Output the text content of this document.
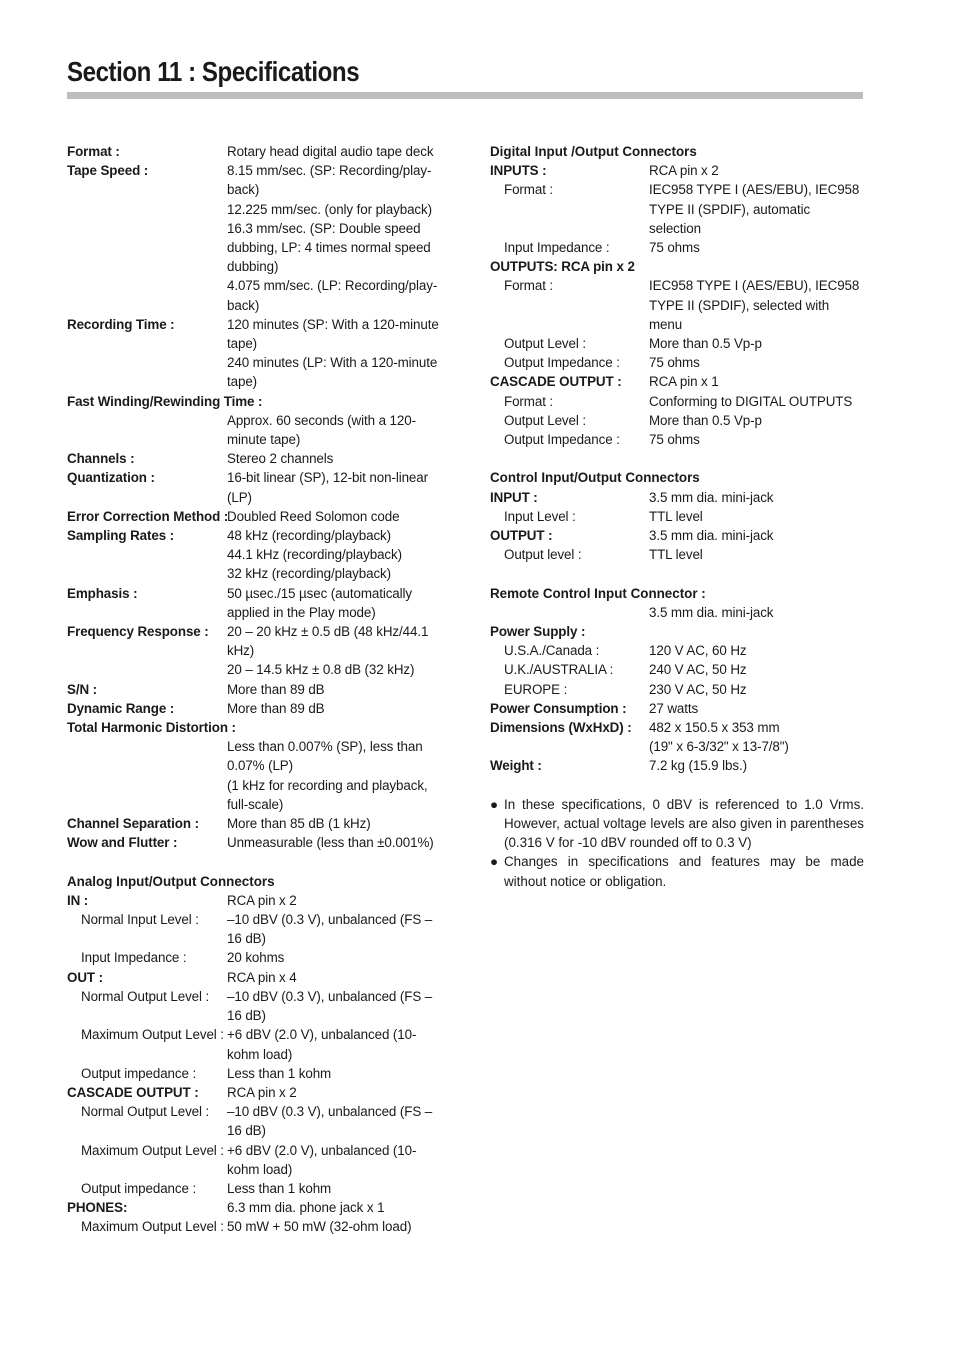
Section 11 : Specifications
Format :	Rotary head digital audio tape deck
Tape Speed :	8.15 mm/sec. (SP: Recording/play-back)
12.225 mm/sec. (only for playback)
16.3 mm/sec. (SP: Double speed dubbing, LP: 4 times normal speed dubbing)
4.075 mm/sec. (LP: Recording/play-back)
Recording Time :	120 minutes (SP: With a 120-minute tape)
240 minutes (LP: With a 120-minute tape)
Fast Winding/Rewinding Time :
Approx. 60 seconds (with a 120-minute tape)
Channels :	Stereo 2 channels
Quantization :	16-bit linear (SP), 12-bit non-linear (LP)
Error Correction Method :
Doubled Reed Solomon code
Sampling Rates :	48 kHz (recording/playback)
44.1 kHz (recording/playback)
32 kHz (recording/playback)
Emphasis :	50 µsec./15 µsec (automatically applied in the Play mode)
Frequency Response : 20 – 20 kHz ± 0.5 dB (48 kHz/44.1 kHz)
20 – 14.5 kHz ± 0.8 dB (32 kHz)
S/N :	More than 89 dB
Dynamic Range :	More than 89 dB
Total Harmonic Distortion :
Less than 0.007% (SP), less than 0.07% (LP)
(1 kHz for recording and playback, full-scale)
Channel Separation : More than 85 dB (1 kHz)
Wow and Flutter :	Unmeasurable (less than ±0.001%)
Analog Input/Output Connectors
IN :	RCA pin x 2
Normal Input Level : –10 dBV (0.3 V), unbalanced (FS – 16 dB)
Input Impedance :	20 kohms
OUT :	RCA pin x 4
Normal Output Level : –10 dBV (0.3 V), unbalanced (FS – 16 dB)
Maximum Output Level : +6 dBV (2.0 V), unbalanced (10-kohm load)
Output impedance : Less than 1 kohm
CASCADE OUTPUT : RCA pin x 2
Normal Output Level : –10 dBV (0.3 V), unbalanced (FS – 16 dB)
Maximum Output Level : +6 dBV (2.0 V), unbalanced (10-kohm load)
Output impedance : Less than 1 kohm
PHONES:	6.3 mm dia. phone jack x 1
Maximum Output Level : 50 mW + 50 mW (32-ohm load)
Digital Input /Output Connectors
INPUTS :	RCA pin x 2
Format :	IEC958 TYPE I (AES/EBU), IEC958 TYPE II (SPDIF), automatic selection
Input Impedance :	75 ohms
OUTPUTS: RCA pin x 2
Format :	IEC958 TYPE I (AES/EBU), IEC958 TYPE II (SPDIF), selected with menu
Output Level :	More than 0.5 Vp-p
Output Impedance : 75 ohms
CASCADE OUTPUT : RCA pin x 1
Format :	Conforming to DIGITAL OUTPUTS
Output Level :	More than 0.5 Vp-p
Output Impedance : 75 ohms
Control Input/Output Connectors
INPUT :	3.5 mm dia. mini-jack
Input Level :	TTL level
OUTPUT :	3.5 mm dia. mini-jack
Output level :	TTL level
Remote Control Input Connector :
3.5 mm dia. mini-jack
Power Supply :
U.S.A./Canada :	120 V AC, 60 Hz
U.K./AUSTRALIA :	240 V AC, 50 Hz
EUROPE :	230 V AC, 50 Hz
Power Consumption : 27 watts
Dimensions (WxHxD) : 482 x 150.5 x 353 mm
(19" x 6-3/32" x 13-7/8")
Weight :	7.2 kg (15.9 lbs.)
● In these specifications, 0 dBV is referenced to 1.0 Vrms. However, actual voltage levels are also given in parentheses (0.316 V for -10 dBV rounded off to 0.3 V)
● Changes in specifications and features may be made without notice or obligation.
